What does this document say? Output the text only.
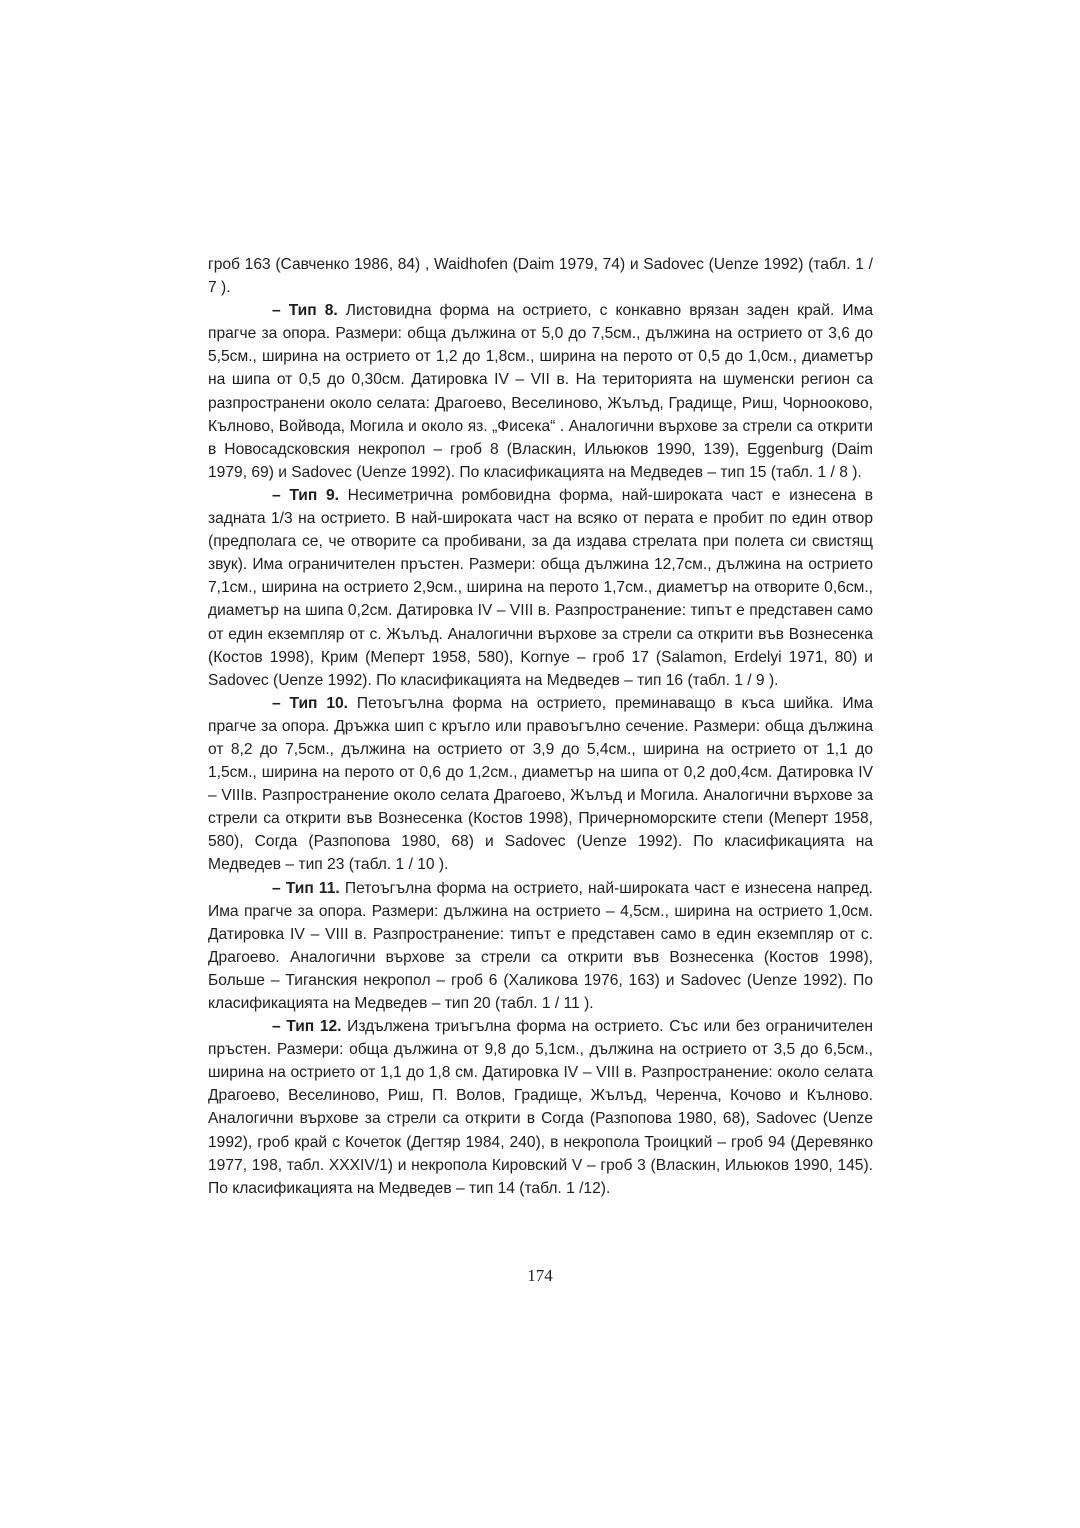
гроб 163 (Савченко 1986, 84) , Waidhofen (Daim 1979, 74) и Sadovec (Uenze 1992) (табл. 1 / 7 ).

– Тип 8. Листовидна форма на острието, с конкавно врязан заден край. Има прагче за опора. Размери: обща дължина от 5,0 до 7,5см., дължина на острието от 3,6 до 5,5см., ширина на острието от 1,2 до 1,8см., ширина на перото от 0,5 до 1,0см., диаметър на шипа от 0,5 до 0,30см. Датировка IV – VII в. На територията на шуменски регион са разпространени около селата: Драгоево, Веселиново, Жълъд, Градище, Риш, Чорнооково, Кълново, Войвода, Могила и около яз. „Фисека“ . Аналогични върхове за стрели са открити в Новосадсковския некропол – гроб 8 (Власкин, Ильюков 1990, 139), Eggenburg (Daim 1979, 69) и Sadovec (Uenze 1992). По класификацията на Медведев – тип 15 (табл. 1 / 8 ).

– Тип 9. Несиметрична ромбовидна форма, най-широката част е изнесена в задната 1/3 на острието. В най-широката част на всяко от перата е пробит по един отвор (предполага се, че отворите са пробивани, за да издава стрелата при полета си свистящ звук). Има ограничителен пръстен. Размери: обща дължина 12,7см., дължина на острието 7,1см., ширина на острието 2,9см., ширина на перото 1,7см., диаметър на отворите 0,6см., диаметър на шипа 0,2см. Датировка IV – VIII в. Разпространение: типът е представен само от един екземпляр от с. Жълъд. Аналогични върхове за стрели са открити във Вознесенка (Костов 1998), Крим (Меперт 1958, 580), Kornye – гроб 17 (Salamon, Erdelyi 1971, 80) и Sadovec (Uenze 1992). По класификацията на Медведев – тип 16 (табл. 1 / 9 ).

– Тип 10. Петоъгълна форма на острието, преминаващо в къса шийка. Има прагче за опора. Дръжка шип с кръгло или правоъгълно сечение. Размери: обща дължина от 8,2 до 7,5см., дължина на острието от 3,9 до 5,4см., ширина на острието от 1,1 до 1,5см., ширина на перото от 0,6 до 1,2см., диаметър на шипа от 0,2 до0,4см. Датировка IV – VIIIв. Разпространение около селата Драгоево, Жълъд и Могила. Аналогични върхове за стрели са открити във Вознесенка (Костов 1998), Причерноморските степи (Меперт 1958, 580), Согда (Разпопова 1980, 68) и Sadovec (Uenze 1992). По класификацията на Медведев – тип 23 (табл. 1 / 10 ).

– Тип 11. Петоъгълна форма на острието, най-широката част е изнесена напред. Има прагче за опора. Размери: дължина на острието – 4,5см., ширина на острието 1,0см. Датировка IV – VIII в. Разпространение: типът е представен само в един екземпляр от с. Драгоево. Аналогични върхове за стрели са открити във Вознесенка (Костов 1998), Больше – Тиганския некропол – гроб 6 (Халикова 1976, 163) и Sadovec (Uenze 1992). По класификацията на Медведев – тип 20 (табл. 1 / 11 ).

– Тип 12. Издължена триъгълна форма на острието. Със или без ограничителен пръстен. Размери: обща дължина от 9,8 до 5,1см., дължина на острието от 3,5 до 6,5см., ширина на острието от 1,1 до 1,8 см. Датировка IV – VIII в. Разпространение: около селата Драгоево, Веселиново, Риш, П. Волов, Градище, Жълъд, Черенча, Кочово и Кълново. Аналогични върхове за стрели са открити в Согда (Разпопова 1980, 68), Sadovec (Uenze 1992), гроб край с Кочеток (Дегтяр 1984, 240), в некропола Троицкий – гроб 94 (Деревянко 1977, 198, табл. XXXIV/1) и некропола Кировский V – гроб 3 (Власкин, Ильюков 1990, 145). По класификацията на Медведев – тип 14 (табл. 1 /12).

174
